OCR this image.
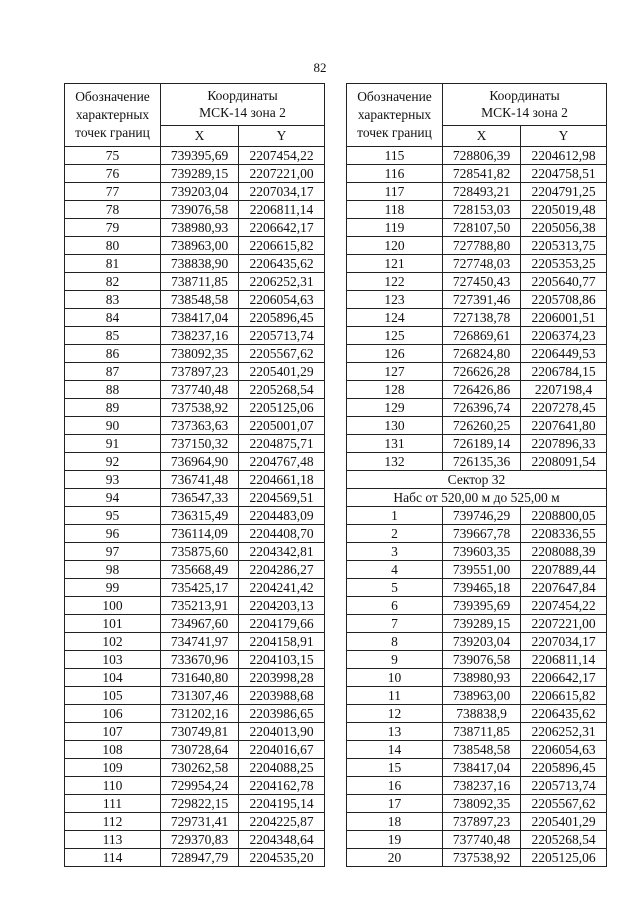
82
Обозначение
характерных
точек границ	Координаты
МСК-14 зона 2	
	X	Y
75	739395,69	2207454,22
76	739289,15	2207221,00
77	739203,04	2207034,17
78	739076,58	2206811,14
79	738980,93	2206642,17
80	738963,00	2206615,82
81	738838,90	2206435,62
82	738711,85	2206252,31
83	738548,58	2206054,63
84	738417,04	2205896,45
85	738237,16	2205713,74
86	738092,35	2205567,62
87	737897,23	2205401,29
88	737740,48	2205268,54
89	737538,92	2205125,06
90	737363,63	2205001,07
91	737150,32	2204875,71
92	736964,90	2204767,48
93	736741,48	2204661,18
94	736547,33	2204569,51
95	736315,49	2204483,09
96	736114,09	2204408,70
97	735875,60	2204342,81
98	735668,49	2204286,27
99	735425,17	2204241,42
100	735213,91	2204203,13
101	734967,60	2204179,66
102	734741,97	2204158,91
103	733670,96	2204103,15
104	731640,80	2203998,28
105	731307,46	2203988,68
106	731202,16	2203986,65
107	730749,81	2204013,90
108	730728,64	2204016,67
109	730262,58	2204088,25
110	729954,24	2204162,78
111	729822,15	2204195,14
112	729731,41	2204225,87
113	729370,83	2204348,64
114	728947,79	2204535,20
Обозначение
характерных
точек границ	Координаты
МСК-14 зона 2	
	X	Y
115	728806,39	2204612,98
116	728541,82	2204758,51
117	728493,21	2204791,25
118	728153,03	2205019,48
119	728107,50	2205056,38
120	727788,80	2205313,75
121	727748,03	2205353,25
122	727450,43	2205640,77
123	727391,46	2205708,86
124	727138,78	2206001,51
125	726869,61	2206374,23
126	726824,80	2206449,53
127	726626,28	2206784,15
128	726426,86	2207198,4
129	726396,74	2207278,45
130	726260,25	2207641,80
131	726189,14	2207896,33
132	726135,36	2208091,54
Сектор 32		
Набс от 520,00 м до 525,00 м		
1	739746,29	2208800,05
2	739667,78	2208336,55
3	739603,35	2208088,39
4	739551,00	2207889,44
5	739465,18	2207647,84
6	739395,69	2207454,22
7	739289,15	2207221,00
8	739203,04	2207034,17
9	739076,58	2206811,14
10	738980,93	2206642,17
11	738963,00	2206615,82
12	738838,9	2206435,62
13	738711,85	2206252,31
14	738548,58	2206054,63
15	738417,04	2205896,45
16	738237,16	2205713,74
17	738092,35	2205567,62
18	737897,23	2205401,29
19	737740,48	2205268,54
20	737538,92	2205125,06
